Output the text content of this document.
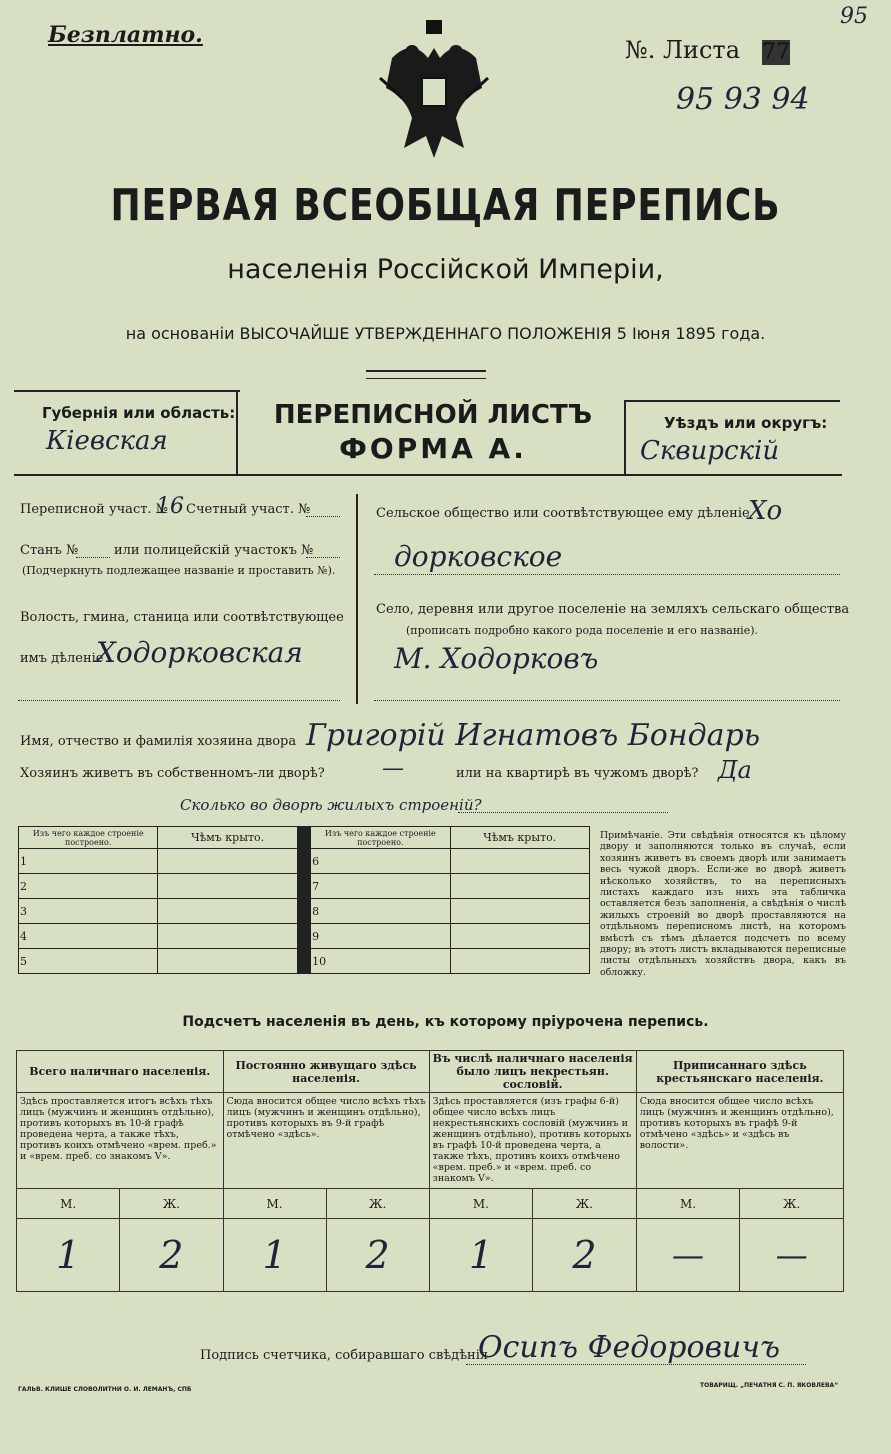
Безплатно.
№. Листа 77
95
95 93 94
ПЕРВАЯ ВСЕОБЩАЯ ПЕРЕПИСЬ
населенія Россійской Имперіи,
на основаніи ВЫСОЧАЙШЕ УТВЕРЖДЕННАГО ПОЛОЖЕНІЯ 5 Іюня 1895 года.
Губернія или область:
Кіевская
ПЕРЕПИСНОЙ ЛИСТЪ
ФОРМА А.
Уѣздъ или округъ:
Сквирскій
Переписной участ. №
16 Счетный участ. №
Станъ №	или полицейскій участокъ №
(Подчеркнуть подлежащее названіе и проставить №).
Волость, гмина, станица или соотвѣтствующее
имъ дѣленіе
Ходорковская
Сельское общество или соотвѣтствующее ему дѣленіе
Хо
дорковское
Село, деревня или другое поселеніе на земляхъ сельскаго общества
(прописать подробно какого рода поселеніе и его названіе).
М. Ходорковъ
Имя, отчество и фамилія хозяина двора Григорій Игнатовъ Бондарь
Хозяинъ живетъ въ собственномъ-ли дворѣ?	—	или на квартирѣ въ чужомъ дворѣ? Да
Сколько во дворѣ жилыхъ строеній?
Изъ чего каждое строеніе построено.	Чѣмъ крыто.		Изъ чего каждое строеніе построено.	Чѣмъ крыто.
1			6	
2			7	
3			8	
4			9	
5			10	
Примѣчаніе. Эти свѣдѣнія относятся къ цѣлому двору и заполняются только въ случаѣ, если хозяинъ живетъ въ своемъ дворѣ или занимаетъ весь чужой дворъ. Если-же во дворѣ живетъ нѣсколько хозяйствъ, то на переписныхъ листахъ каждаго изъ нихъ эта табличка оставляется безъ заполненія, а свѣдѣнія о числѣ жилыхъ строеній во дворѣ проставляются на отдѣльномъ переписномъ листѣ, на которомъ вмѣстѣ съ тѣмъ дѣлается подсчетъ по всему двору; въ этотъ листъ вкладываются переписные листы отдѣльныхъ хозяйствъ двора, какъ въ обложку.
Подсчетъ населенія въ день, къ которому пріурочена перепись.
Всего наличнаго населенія.		Постоянно живущаго здѣсь населенія.		Въ числѣ наличнаго населенія было лицъ некрестьян. сословій.		Приписаннаго здѣсь крестьянскаго населенія.	
Здѣсь проставляется итогъ всѣхъ тѣхъ лицъ (мужчинъ и женщинъ отдѣльно), противъ которыхъ въ 10-й графѣ проведена черта, а также тѣхъ, противъ коихъ отмѣчено «врем. преб.» и «врем. преб. со знакомъ V».		Сюда вносится общее число всѣхъ тѣхъ лицъ (мужчинъ и женщинъ отдѣльно), противъ которыхъ въ 9-й графѣ отмѣчено «здѣсь».		Здѣсь проставляется (изъ графы 6-й) общее число всѣхъ лицъ некрестьянскихъ сословій (мужчинъ и женщинъ отдѣльно), противъ которыхъ въ графѣ 10-й проведена черта, а также тѣхъ, противъ коихъ отмѣчено «врем. преб.» и «врем. преб. со знакомъ V».		Сюда вносится общее число всѣхъ лицъ (мужчинъ и женщинъ отдѣльно), противъ которыхъ въ графѣ 9-й отмѣчено «здѣсь» и «здѣсь въ волости».	
М.	Ж.	М.	Ж.	М.	Ж.	М.	Ж.
1	2	1	2	1	2	—	—
Подпись счетчика, собиравшаго свѣдѣнія
Осипъ Федоровичъ
ГАЛЬВ. КЛИШЕ СЛОВОЛИТНИ О. И. ЛЕМАНЪ, СПБ
ТОВАРИЩ. „ПЕЧАТНЯ С. П. ЯКОВЛЕВА“
